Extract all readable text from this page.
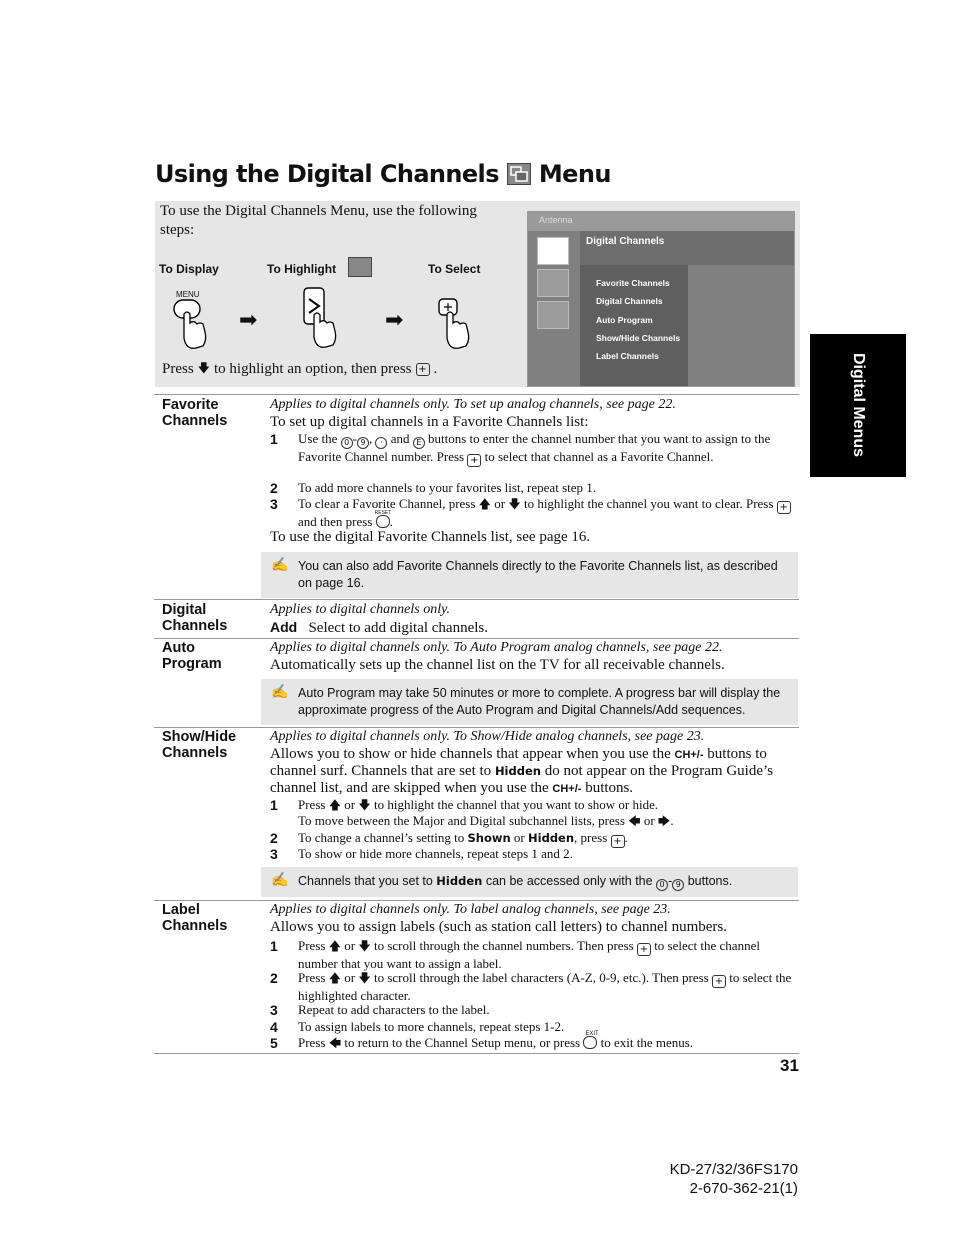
Using the Digital Channels Menu
Digital Menus
To use the Digital Channels Menu, use the following steps:
To Display	To Highlight	To Select
MENU
➡	➡
Press 🡇 to highlight an option, then press + .
Antenna
Digital Channels
Favorite Channels
Digital Channels
Auto Program
Show/Hide Channels
Label Channels
Favorite
Channels
Applies to digital channels only. To set up analog channels, see page 22.
To set up digital channels in a Favorite Channels list:
1 Use the 0 - 9 , · and E buttons to enter the channel number that you want to assign to the Favorite Channel number. Press + to select that channel as a Favorite Channel.
2 To add more channels to your favorites list, repeat step 1.
3 To clear a Favorite Channel, press 🡅 or 🡇 to highlight the channel you want to clear. Press + and then press
RESET
.
To use the digital Favorite Channels list, see page 16.
✍ You can also add Favorite Channels directly to the Favorite Channels list, as described on page 16.
Digital
Channels
Applies to digital channels only.
Add Select to add digital channels.
Auto
Program
Applies to digital channels only. To Auto Program analog channels, see page 22.
Automatically sets up the channel list on the TV for all receivable channels.
✍ Auto Program may take 50 minutes or more to complete. A progress bar will display the approximate progress of the Auto Program and Digital Channels/Add sequences.
Show/Hide
Channels
Applies to digital channels only. To Show/Hide analog channels, see page 23.
Allows you to show or hide channels that appear when you use the CH+/- buttons to channel surf. Channels that are set to Hidden do not appear on the Program Guide’s channel list, and are skipped when you use the CH+/- buttons.
1 Press 🡅 or 🡇 to highlight the channel that you want to show or hide.
To move between the Major and Digital subchannel lists, press 🡄 or 🡆.
2 To change a channel’s setting to Shown or Hidden, press + .
3 To show or hide more channels, repeat steps 1 and 2.
✍ Channels that you set to Hidden can be accessed only with the 0 - 9 buttons.
Label
Channels
Applies to digital channels only. To label analog channels, see page 23.
Allows you to assign labels (such as station call letters) to channel numbers.
1 Press 🡅 or 🡇 to scroll through the channel numbers. Then press + to select the channel number that you want to assign a label.
2 Press 🡅 or 🡇 to scroll through the label characters (A-Z, 0-9, etc.). Then press + to select the highlighted character.
3 Repeat to add characters to the label.
4 To assign labels to more channels, repeat steps 1-2.
5 Press 🡄 to return to the Channel Setup menu, or press
EXIT
to exit the menus.
31
KD-27/32/36FS170
2-670-362-21(1)
